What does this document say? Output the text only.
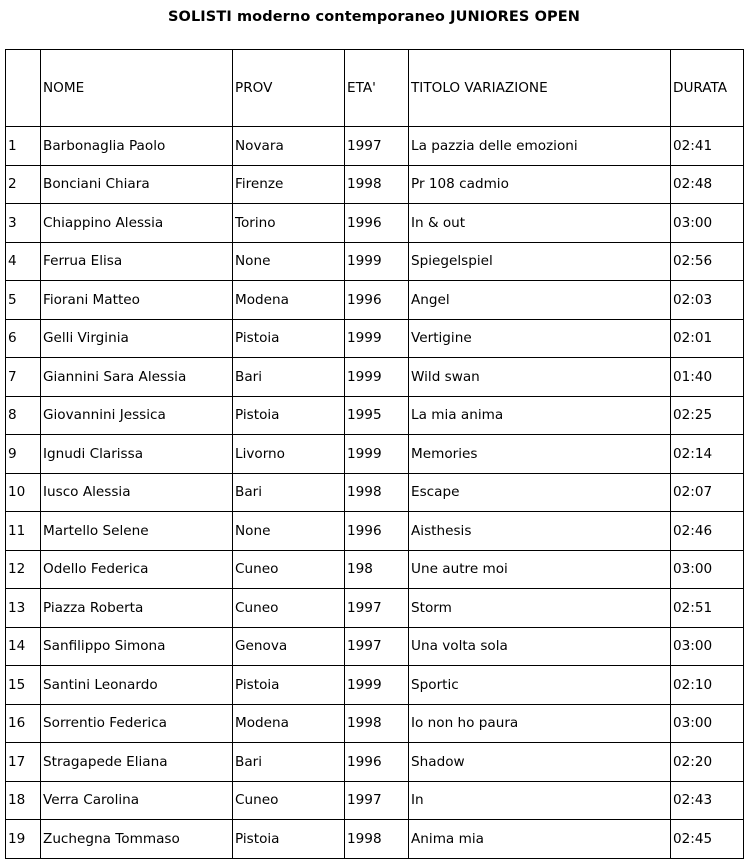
SOLISTI moderno contemporaneo JUNIORES OPEN
	NOME	PROV	ETA'	TITOLO VARIAZIONE	DURATA
1	Barbonaglia Paolo	Novara	1997	La pazzia delle emozioni	02:41
2	Bonciani Chiara	Firenze	1998	Pr 108 cadmio	02:48
3	Chiappino Alessia	Torino	1996	In & out	03:00
4	Ferrua Elisa	None	1999	Spiegelspiel	02:56
5	Fiorani Matteo	Modena	1996	Angel	02:03
6	Gelli Virginia	Pistoia	1999	Vertigine	02:01
7	Giannini Sara Alessia	Bari	1999	Wild swan	01:40
8	Giovannini Jessica	Pistoia	1995	La mia anima	02:25
9	Ignudi Clarissa	Livorno	1999	Memories	02:14
10	Iusco Alessia	Bari	1998	Escape	02:07
11	Martello Selene	None	1996	Aisthesis	02:46
12	Odello Federica	Cuneo	198	Une autre moi	03:00
13	Piazza Roberta	Cuneo	1997	Storm	02:51
14	Sanfilippo Simona	Genova	1997	Una volta sola	03:00
15	Santini Leonardo	Pistoia	1999	Sportic	02:10
16	Sorrentio Federica	Modena	1998	Io non ho paura	03:00
17	Stragapede Eliana	Bari	1996	Shadow	02:20
18	Verra Carolina	Cuneo	1997	In	02:43
19	Zuchegna Tommaso	Pistoia	1998	Anima mia	02:45
